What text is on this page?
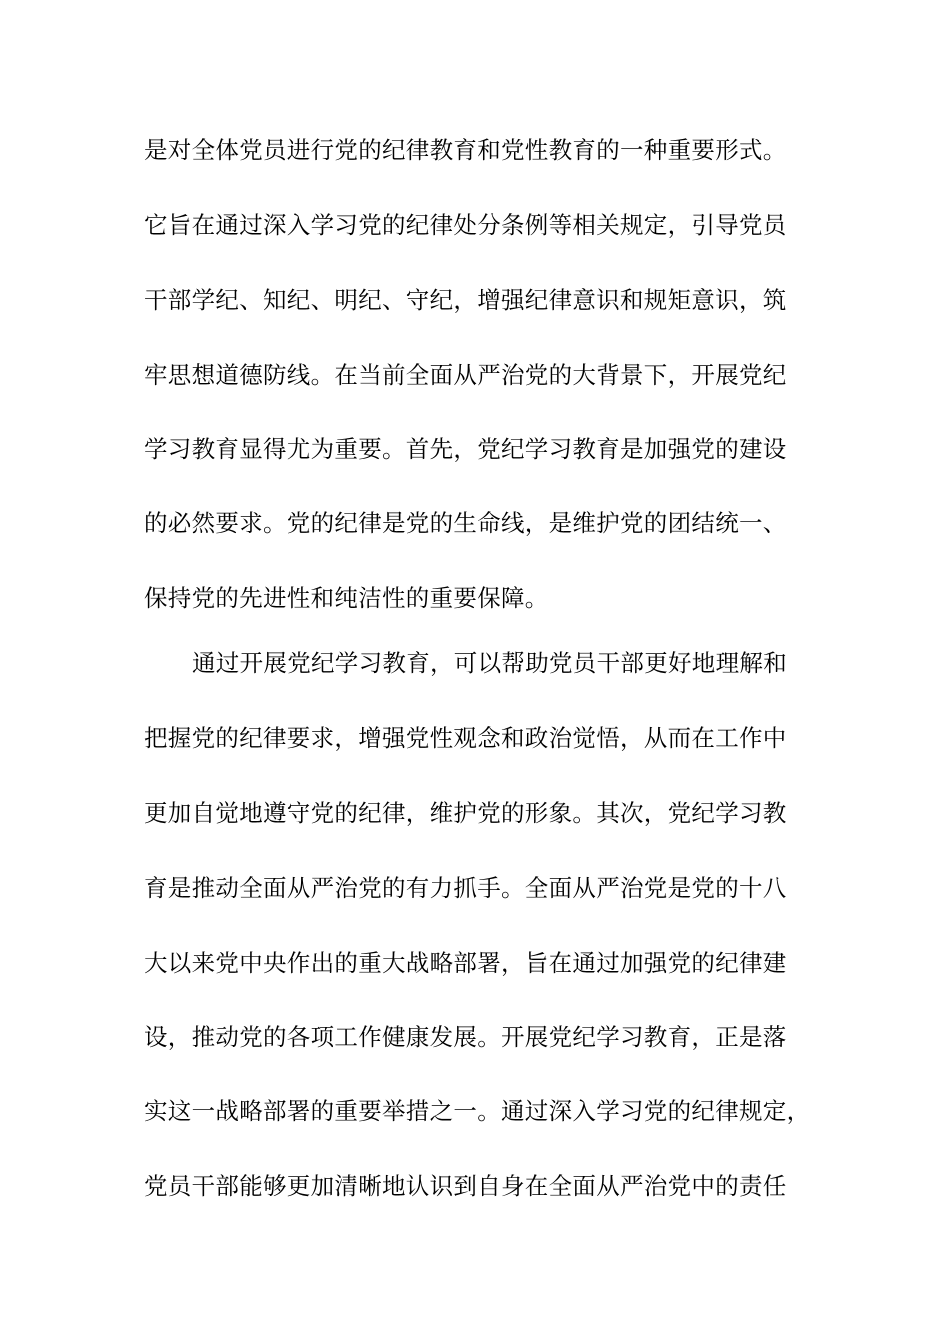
是对全体党员进行党的纪律教育和党性教育的一种重要形式。
它旨在通过深入学习党的纪律处分条例等相关规定，引导党员
干部学纪、知纪、明纪、守纪，增强纪律意识和规矩意识，筑
牢思想道德防线。在当前全面从严治党的大背景下，开展党纪
学习教育显得尤为重要。首先，党纪学习教育是加强党的建设
的必然要求。党的纪律是党的生命线，是维护党的团结统一、
保持党的先进性和纯洁性的重要保障。
通过开展党纪学习教育，可以帮助党员干部更好地理解和
把握党的纪律要求，增强党性观念和政治觉悟，从而在工作中
更加自觉地遵守党的纪律，维护党的形象。其次，党纪学习教
育是推动全面从严治党的有力抓手。全面从严治党是党的十八
大以来党中央作出的重大战略部署，旨在通过加强党的纪律建
设，推动党的各项工作健康发展。开展党纪学习教育，正是落
实这一战略部署的重要举措之一。通过深入学习党的纪律规定，
党员干部能够更加清晰地认识到自身在全面从严治党中的责任
